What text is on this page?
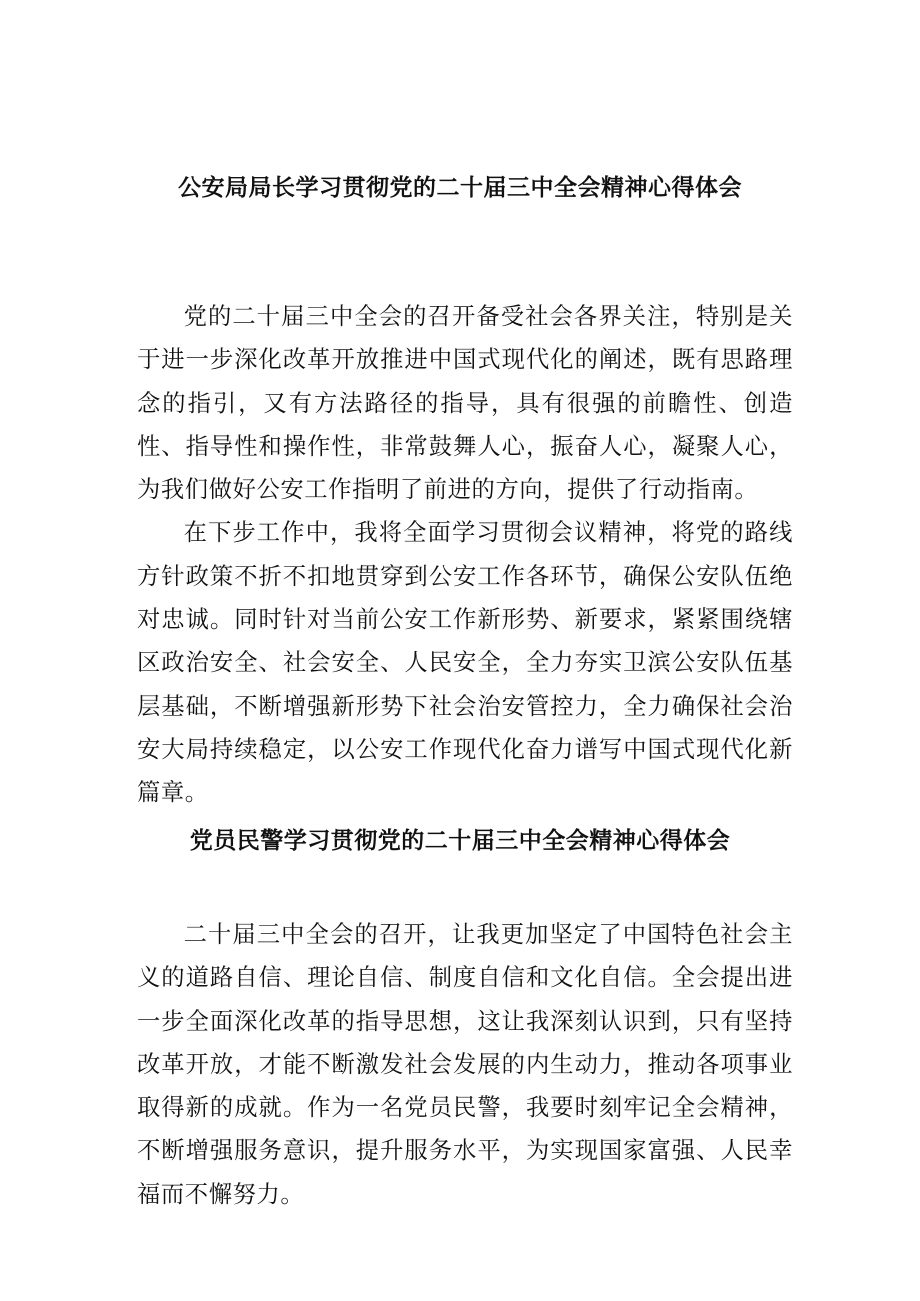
公安局局长学习贯彻党的二十届三中全会精神心得体会

党的二十届三中全会的召开备受社会各界关注，特别是关于进一步深化改革开放推进中国式现代化的阐述，既有思路理念的指引，又有方法路径的指导，具有很强的前瞻性、创造性、指导性和操作性，非常鼓舞人心，振奋人心，凝聚人心，为我们做好公安工作指明了前进的方向，提供了行动指南。

在下步工作中，我将全面学习贯彻会议精神，将党的路线方针政策不折不扣地贯穿到公安工作各环节，确保公安队伍绝对忠诚。同时针对当前公安工作新形势、新要求，紧紧围绕辖区政治安全、社会安全、人民安全，全力夯实卫滨公安队伍基层基础，不断增强新形势下社会治安管控力，全力确保社会治安大局持续稳定，以公安工作现代化奋力谱写中国式现代化新篇章。

党员民警学习贯彻党的二十届三中全会精神心得体会

二十届三中全会的召开，让我更加坚定了中国特色社会主义的道路自信、理论自信、制度自信和文化自信。全会提出进一步全面深化改革的指导思想，这让我深刻认识到，只有坚持改革开放，才能不断激发社会发展的内生动力，推动各项事业取得新的成就。作为一名党员民警，我要时刻牢记全会精神，不断增强服务意识，提升服务水平，为实现国家富强、人民幸福而不懈努力。
